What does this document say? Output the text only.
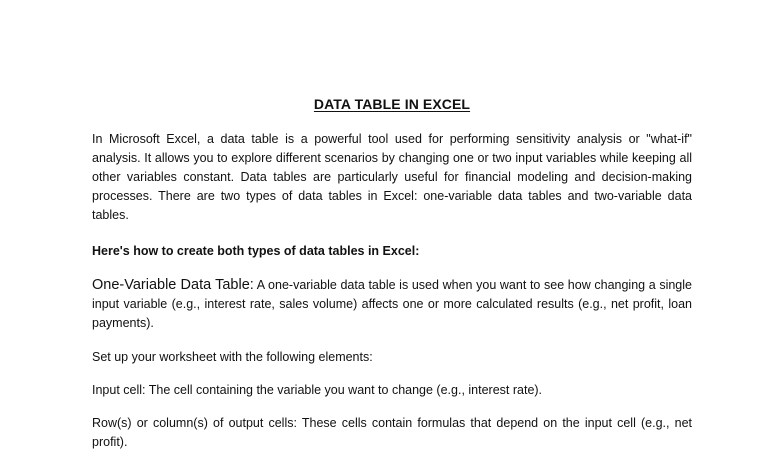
DATA TABLE IN EXCEL

In Microsoft Excel, a data table is a powerful tool used for performing sensitivity analysis or "what-if" analysis. It allows you to explore different scenarios by changing one or two input variables while keeping all other variables constant. Data tables are particularly useful for financial modeling and decision-making processes. There are two types of data tables in Excel: one-variable data tables and two-variable data tables.

Here's how to create both types of data tables in Excel:

One-Variable Data Table: A one-variable data table is used when you want to see how changing a single input variable (e.g., interest rate, sales volume) affects one or more calculated results (e.g., net profit, loan payments).

Set up your worksheet with the following elements:

Input cell: The cell containing the variable you want to change (e.g., interest rate).

Row(s) or column(s) of output cells: These cells contain formulas that depend on the input cell (e.g., net profit).
